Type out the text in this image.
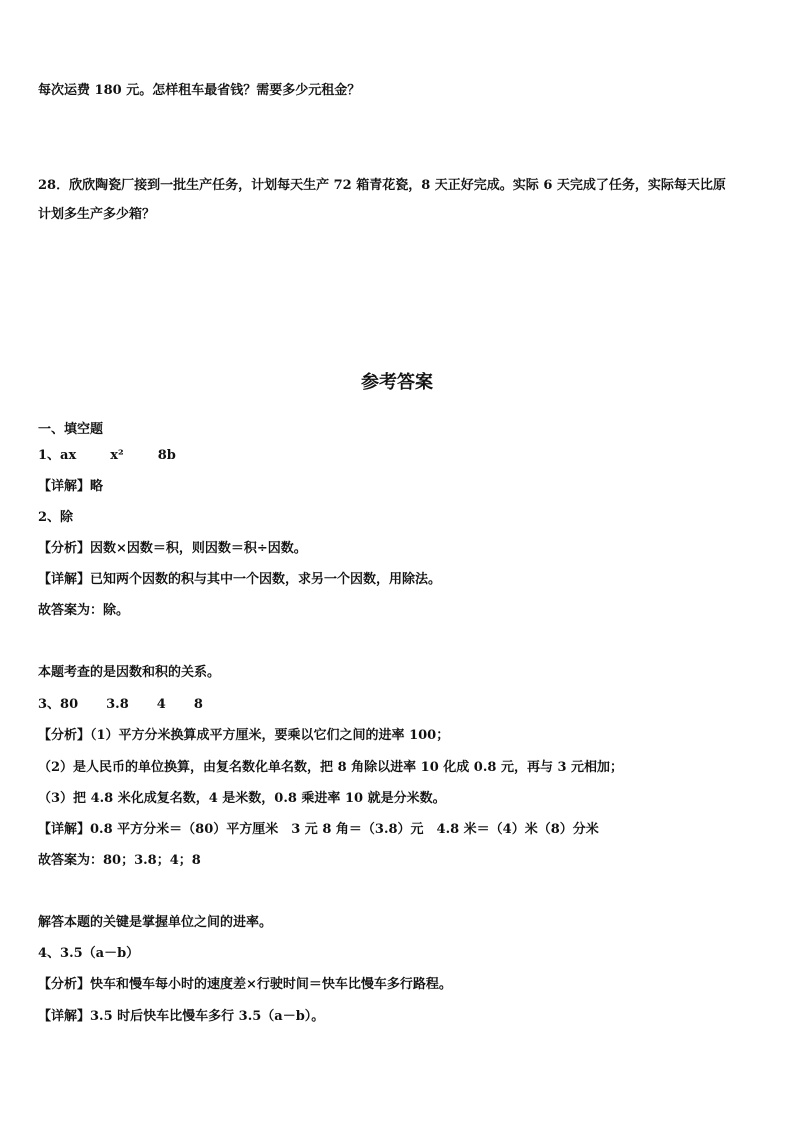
每次运费 180 元。怎样租车最省钱？需要多少元租金？
28．欣欣陶瓷厂接到一批生产任务，计划每天生产 72 箱青花瓷，8 天正好完成。实际 6 天完成了任务，实际每天比原
计划多生产多少箱？
参考答案
一、填空题
1、ax	x²	8b
【详解】略
2、除
【分析】因数×因数＝积，则因数＝积÷因数。
【详解】已知两个因数的积与其中一个因数，求另一个因数，用除法。
故答案为：除。
本题考查的是因数和积的关系。
3、80 3.8 4 8
【分析】（1）平方分米换算成平方厘米，要乘以它们之间的进率 100；
（2）是人民币的单位换算，由复名数化单名数，把 8 角除以进率 10 化成 0.8 元，再与 3 元相加；
（3）把 4.8 米化成复名数，4 是米数，0.8 乘进率 10 就是分米数。
【详解】0.8 平方分米＝（80）平方厘米　3 元 8 角＝（3.8）元　4.8 米＝（4）米（8）分米
故答案为：80；3.8；4；8
解答本题的关键是掌握单位之间的进率。
4、3.5（a－b）
【分析】快车和慢车每小时的速度差×行驶时间＝快车比慢车多行路程。
【详解】3.5 时后快车比慢车多行 3.5（a－b）。
